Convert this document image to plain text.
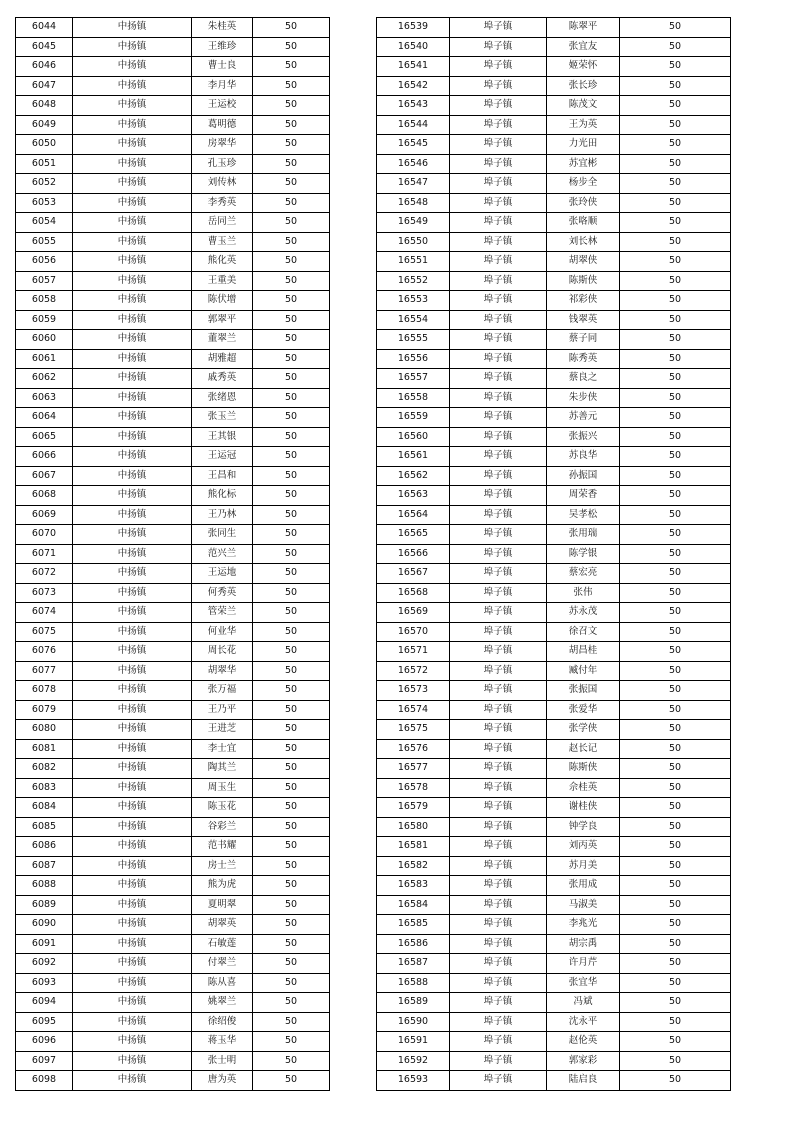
6044	中扬镇	朱桂英	50
6045	中扬镇	王维珍	50
6046	中扬镇	曹士良	50
6047	中扬镇	李月华	50
6048	中扬镇	王运校	50
6049	中扬镇	葛明德	50
6050	中扬镇	房翠华	50
6051	中扬镇	孔玉珍	50
6052	中扬镇	刘传林	50
6053	中扬镇	李秀英	50
6054	中扬镇	岳同兰	50
6055	中扬镇	曹玉兰	50
6056	中扬镇	熊化英	50
6057	中扬镇	王重美	50
6058	中扬镇	陈伏增	50
6059	中扬镇	郭翠平	50
6060	中扬镇	董翠兰	50
6061	中扬镇	胡雅超	50
6062	中扬镇	戚秀英	50
6063	中扬镇	张绪恩	50
6064	中扬镇	张玉兰	50
6065	中扬镇	王其银	50
6066	中扬镇	王运冠	50
6067	中扬镇	王昌和	50
6068	中扬镇	熊化标	50
6069	中扬镇	王乃林	50
6070	中扬镇	张同生	50
6071	中扬镇	范兴兰	50
6072	中扬镇	王运地	50
6073	中扬镇	何秀英	50
6074	中扬镇	管荣兰	50
6075	中扬镇	何业华	50
6076	中扬镇	周长花	50
6077	中扬镇	胡翠华	50
6078	中扬镇	张万福	50
6079	中扬镇	王乃平	50
6080	中扬镇	王进芝	50
6081	中扬镇	李士宜	50
6082	中扬镇	陶其兰	50
6083	中扬镇	周玉生	50
6084	中扬镇	陈玉花	50
6085	中扬镇	谷彩兰	50
6086	中扬镇	范书耀	50
6087	中扬镇	房士兰	50
6088	中扬镇	熊为虎	50
6089	中扬镇	夏明翠	50
6090	中扬镇	胡翠英	50
6091	中扬镇	石敏莲	50
6092	中扬镇	付翠兰	50
6093	中扬镇	陈从喜	50
6094	中扬镇	姚翠兰	50
6095	中扬镇	徐绍俊	50
6096	中扬镇	蒋玉华	50
6097	中扬镇	张士明	50
6098	中扬镇	唐为英	50
16539	埠子镇	陈翠平	50
16540	埠子镇	张宜友	50
16541	埠子镇	姬荣怀	50
16542	埠子镇	张长珍	50
16543	埠子镇	陈茂文	50
16544	埠子镇	王为英	50
16545	埠子镇	力光田	50
16546	埠子镇	苏宜彬	50
16547	埠子镇	杨步全	50
16548	埠子镇	张玲侠	50
16549	埠子镇	张咯顺	50
16550	埠子镇	刘长林	50
16551	埠子镇	胡翠侠	50
16552	埠子镇	陈斯侠	50
16553	埠子镇	祁彩侠	50
16554	埠子镇	钱翠英	50
16555	埠子镇	蔡子同	50
16556	埠子镇	陈秀英	50
16557	埠子镇	蔡良之	50
16558	埠子镇	朱步侠	50
16559	埠子镇	苏善元	50
16560	埠子镇	张振兴	50
16561	埠子镇	苏良华	50
16562	埠子镇	孙振国	50
16563	埠子镇	周荣香	50
16564	埠子镇	吴孝松	50
16565	埠子镇	张用瑞	50
16566	埠子镇	陈学银	50
16567	埠子镇	蔡宏亮	50
16568	埠子镇	张伟	50
16569	埠子镇	苏永茂	50
16570	埠子镇	徐召文	50
16571	埠子镇	胡昌桂	50
16572	埠子镇	臧付年	50
16573	埠子镇	张振国	50
16574	埠子镇	张爱华	50
16575	埠子镇	张学侠	50
16576	埠子镇	赵长记	50
16577	埠子镇	陈斯侠	50
16578	埠子镇	佘桂英	50
16579	埠子镇	谢桂侠	50
16580	埠子镇	钟学良	50
16581	埠子镇	刘丙英	50
16582	埠子镇	苏月美	50
16583	埠子镇	张用成	50
16584	埠子镇	马淑美	50
16585	埠子镇	李兆光	50
16586	埠子镇	胡宗禹	50
16587	埠子镇	许月芹	50
16588	埠子镇	张宜华	50
16589	埠子镇	冯斌	50
16590	埠子镇	沈永平	50
16591	埠子镇	赵伦英	50
16592	埠子镇	郭家彩	50
16593	埠子镇	陆启良	50
